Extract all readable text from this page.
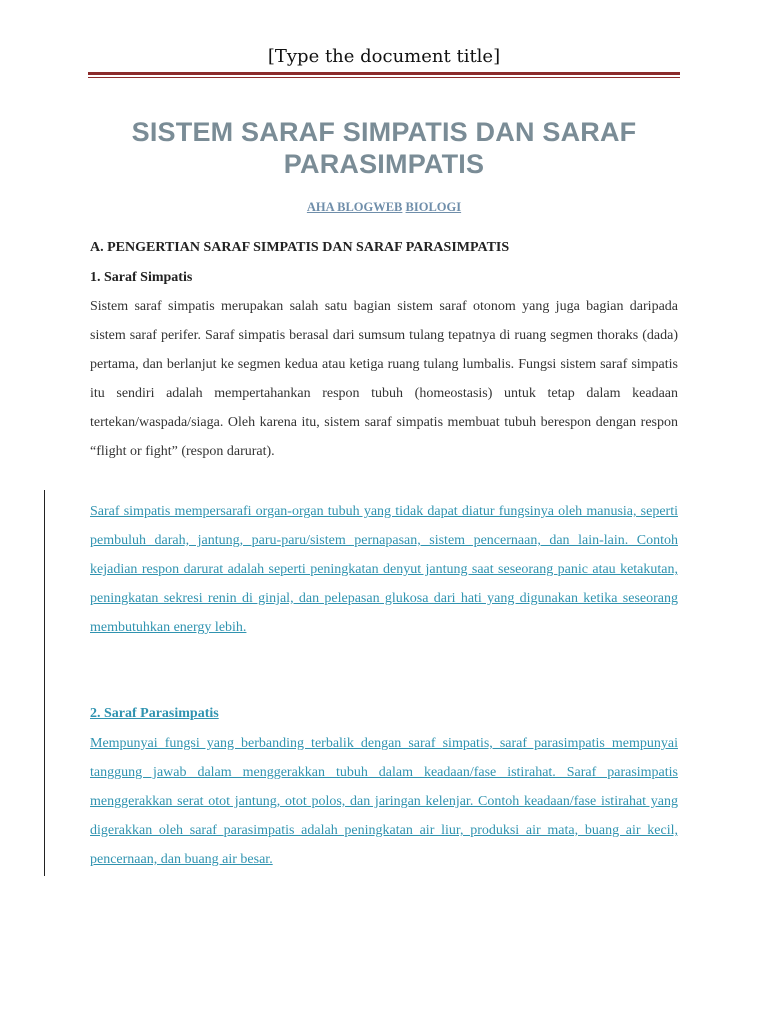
[Type the document title]
SISTEM SARAF SIMPATIS DAN SARAF PARASIMPATIS
AHA BLOGWEB BIOLOGI
A. PENGERTIAN SARAF SIMPATIS DAN SARAF PARASIMPATIS
1. Saraf Simpatis
Sistem saraf simpatis merupakan salah satu bagian sistem saraf otonom yang juga bagian daripada sistem saraf perifer. Saraf simpatis berasal dari sumsum tulang tepatnya di ruang segmen thoraks (dada) pertama, dan berlanjut ke segmen kedua atau ketiga ruang tulang lumbalis. Fungsi sistem saraf simpatis itu sendiri adalah mempertahankan respon tubuh (homeostasis) untuk tetap dalam keadaan tertekan/waspada/siaga. Oleh karena itu, sistem saraf simpatis membuat tubuh berespon dengan respon “flight or fight” (respon darurat).
Saraf simpatis mempersarafi organ-organ tubuh yang tidak dapat diatur fungsinya oleh manusia, seperti pembuluh darah, jantung, paru-paru/sistem pernapasan, sistem pencernaan, dan lain-lain. Contoh kejadian respon darurat adalah seperti peningkatan denyut jantung saat seseorang panic atau ketakutan, peningkatan sekresi renin di ginjal, dan pelepasan glukosa dari hati yang digunakan ketika seseorang membutuhkan energy lebih.
2. Saraf Parasimpatis
Mempunyai fungsi yang berbanding terbalik dengan saraf simpatis, saraf parasimpatis mempunyai tanggung jawab dalam menggerakkan tubuh dalam keadaan/fase istirahat. Saraf parasimpatis menggerakkan serat otot jantung, otot polos, dan jaringan kelenjar. Contoh keadaan/fase istirahat yang digerakkan oleh saraf parasimpatis adalah peningkatan air liur, produksi air mata, buang air kecil, pencernaan, dan buang air besar.
